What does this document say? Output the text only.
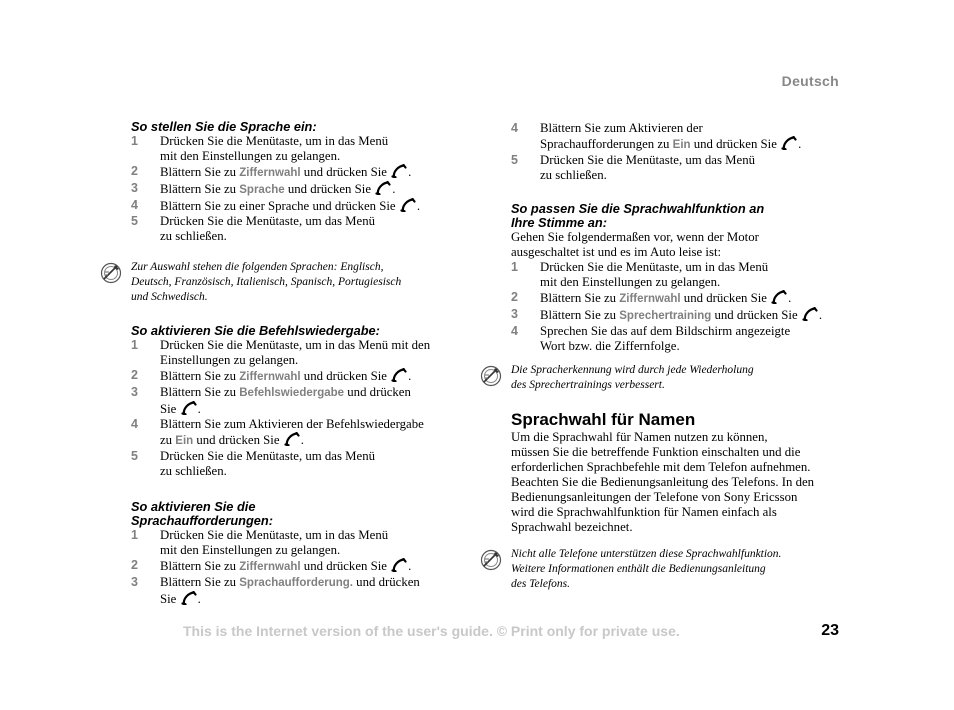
Deutsch
So stellen Sie die Sprache ein:
1 Drücken Sie die Menütaste, um in das Menü
mit den Einstellungen zu gelangen.
2 Blättern Sie zu Ziffernwahl und drücken Sie .
3 Blättern Sie zu Sprache und drücken Sie .
4 Blättern Sie zu einer Sprache und drücken Sie .
5 Drücken Sie die Menütaste, um das Menü
zu schließen.
Zur Auswahl stehen die folgenden Sprachen: Englisch,
Deutsch, Französisch, Italienisch, Spanisch, Portugiesisch
und Schwedisch.
So aktivieren Sie die Befehlswiedergabe:
1 Drücken Sie die Menütaste, um in das Menü mit den
Einstellungen zu gelangen.
2 Blättern Sie zu Ziffernwahl und drücken Sie .
3 Blättern Sie zu Befehlswiedergabe und drücken
Sie .
4 Blättern Sie zum Aktivieren der Befehlswiedergabe
zu Ein und drücken Sie .
5 Drücken Sie die Menütaste, um das Menü
zu schließen.
So aktivieren Sie die
Sprachaufforderungen:
1 Drücken Sie die Menütaste, um in das Menü
mit den Einstellungen zu gelangen.
2 Blättern Sie zu Ziffernwahl und drücken Sie .
3 Blättern Sie zu Sprachaufforderung. und drücken
Sie .
4 Blättern Sie zum Aktivieren der
Sprachaufforderungen zu Ein und drücken Sie .
5 Drücken Sie die Menütaste, um das Menü
zu schließen.
So passen Sie die Sprachwahlfunktion an
Ihre Stimme an:

Gehen Sie folgendermaßen vor, wenn der Motor
ausgeschaltet ist und es im Auto leise ist:

1 Drücken Sie die Menütaste, um in das Menü
mit den Einstellungen zu gelangen.
2 Blättern Sie zu Ziffernwahl und drücken Sie .
3 Blättern Sie zu Sprechertraining und drücken Sie .
4 Sprechen Sie das auf dem Bildschirm angezeigte
Wort bzw. die Ziffernfolge.
Die Spracherkennung wird durch jede Wiederholung
des Sprechertrainings verbessert.
Sprachwahl für Namen

Um die Sprachwahl für Namen nutzen zu können,
müssen Sie die betreffende Funktion einschalten und die
erforderlichen Sprachbefehle mit dem Telefon aufnehmen.
Beachten Sie die Bedienungsanleitung des Telefons. In den
Bedienungsanleitungen der Telefone von Sony Ericsson
wird die Sprachwahlfunktion für Namen einfach als
Sprachwahl bezeichnet.

Nicht alle Telefone unterstützen diese Sprachwahlfunktion.
Weitere Informationen enthält die Bedienungsanleitung
des Telefons.
This is the Internet version of the user's guide. © Print only for private use.	23
